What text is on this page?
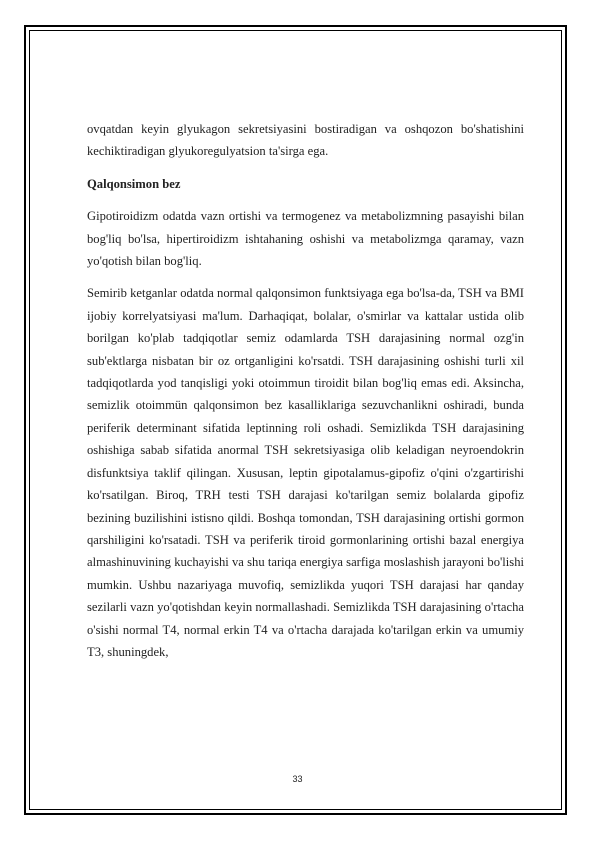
ovqatdan keyin glyukagon sekretsiyasini bostiradigan va oshqozon bo'shatishini kechiktiradigan glyukoregulyatsion ta'sirga ega.

Qalqonsimon bez

Gipotiroidizm odatda vazn ortishi va termogenez va metabolizmning pasayishi bilan bog'liq bo'lsa, hipertiroidizm ishtahaning oshishi va metabolizmga qaramay, vazn yo'qotish bilan bog'liq.

Semirib ketganlar odatda normal qalqonsimon funktsiyaga ega bo'lsa-da, TSH va BMI ijobiy korrelyatsiyasi ma'lum. Darhaqiqat, bolalar, o'smirlar va kattalar ustida olib borilgan ko'plab tadqiqotlar semiz odamlarda TSH darajasining normal ozg'in sub'ektlarga nisbatan bir oz ortganligini ko'rsatdi. TSH darajasining oshishi turli xil tadqiqotlarda yod tanqisligi yoki otoimmun tiroidit bilan bog'liq emas edi. Aksincha, semizlik otoimmün qalqonsimon bez kasalliklariga sezuvchanlikni oshiradi, bunda periferik determinant sifatida leptinning roli oshadi. Semizlikda TSH darajasining oshishiga sabab sifatida anormal TSH sekretsiyasiga olib keladigan neyroendokrin disfunktsiya taklif qilingan. Xususan, leptin gipotalamus-gipofiz o'qini o'zgartirishi ko'rsatilgan. Biroq, TRH testi TSH darajasi ko'tarilgan semiz bolalarda gipofiz bezining buzilishini istisno qildi. Boshqa tomondan, TSH darajasining ortishi gormon qarshiligini ko'rsatadi. TSH va periferik tiroid gormonlarining ortishi bazal energiya almashinuvining kuchayishi va shu tariqa energiya sarfiga moslashish jarayoni bo'lishi mumkin. Ushbu nazariyaga muvofiq, semizlikda yuqori TSH darajasi har qanday sezilarli vazn yo'qotishdan keyin normallashadi. Semizlikda TSH darajasining o'rtacha o'sishi normal T4, normal erkin T4 va o'rtacha darajada ko'tarilgan erkin va umumiy T3, shuningdek,

33
